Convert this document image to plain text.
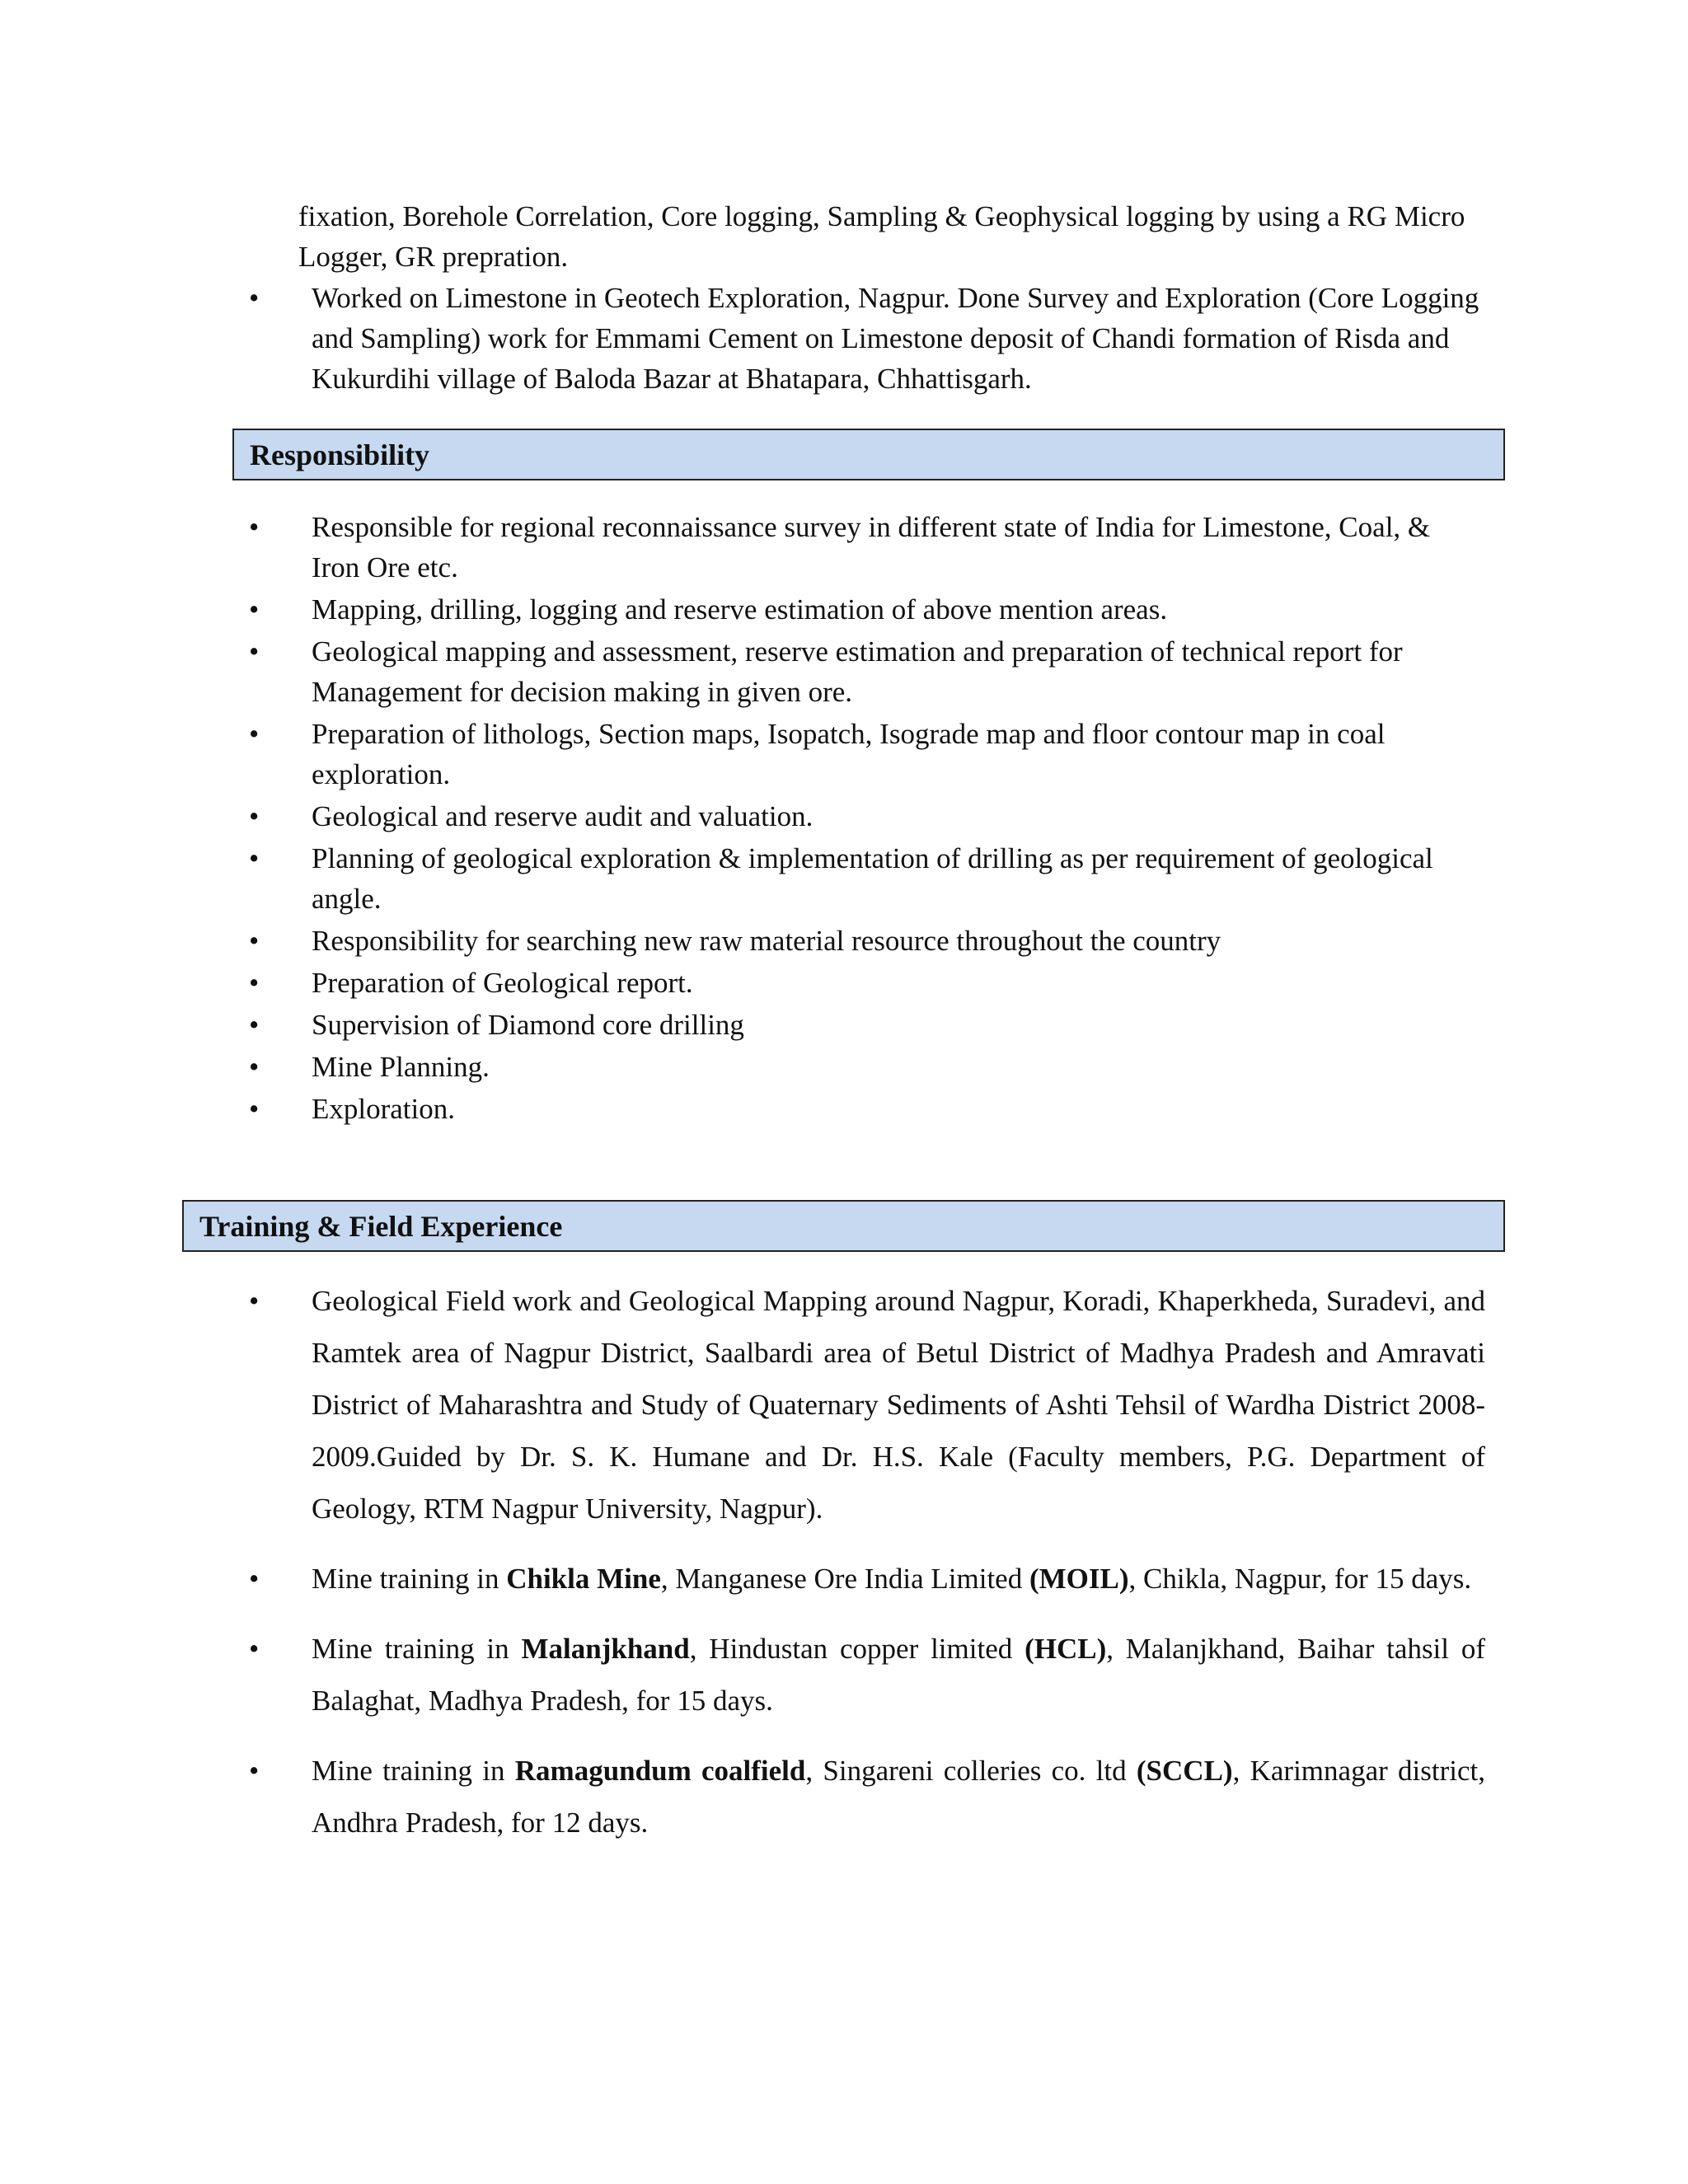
fixation, Borehole Correlation, Core logging, Sampling & Geophysical logging by using a RG Micro Logger, GR prepration.

•	Worked on Limestone in Geotech Exploration, Nagpur. Done Survey and Exploration (Core Logging and Sampling) work for Emmami Cement on Limestone deposit of Chandi formation of Risda and Kukurdihi village of Baloda Bazar at Bhatapara, Chhattisgarh.
Responsibility
•	Responsible for regional reconnaissance survey in different state of India for Limestone, Coal, & Iron Ore etc.
•	Mapping, drilling, logging and reserve estimation of above mention areas.
•	Geological mapping and assessment, reserve estimation and preparation of technical report for Management for decision making in given ore.
•	Preparation of lithologs, Section maps, Isopatch, Isograde map and floor contour map in coal exploration.
•	Geological and reserve audit and valuation.
•	Planning of geological exploration & implementation of drilling as per requirement of geological angle.
•	Responsibility for searching new raw material resource throughout the country
•	Preparation of Geological report.
•	Supervision of Diamond core drilling
•	Mine Planning.
•	Exploration.
Training & Field Experience
•	Geological Field work and Geological Mapping around Nagpur, Koradi, Khaperkheda, Suradevi, and Ramtek area of Nagpur District, Saalbardi area of Betul District of Madhya Pradesh and Amravati District of Maharashtra and Study of Quaternary Sediments of Ashti Tehsil of Wardha District 2008-2009.Guided by Dr. S. K. Humane and Dr. H.S. Kale (Faculty members, P.G. Department of Geology, RTM Nagpur University, Nagpur).
•	Mine training in Chikla Mine, Manganese Ore India Limited (MOIL), Chikla, Nagpur, for 15 days.
•	Mine training in Malanjkhand, Hindustan copper limited (HCL), Malanjkhand, Baihar tahsil of Balaghat, Madhya Pradesh, for 15 days.
•	Mine training in Ramagundum coalfield, Singareni colleries co. ltd (SCCL), Karimnagar district, Andhra Pradesh, for 12 days.
